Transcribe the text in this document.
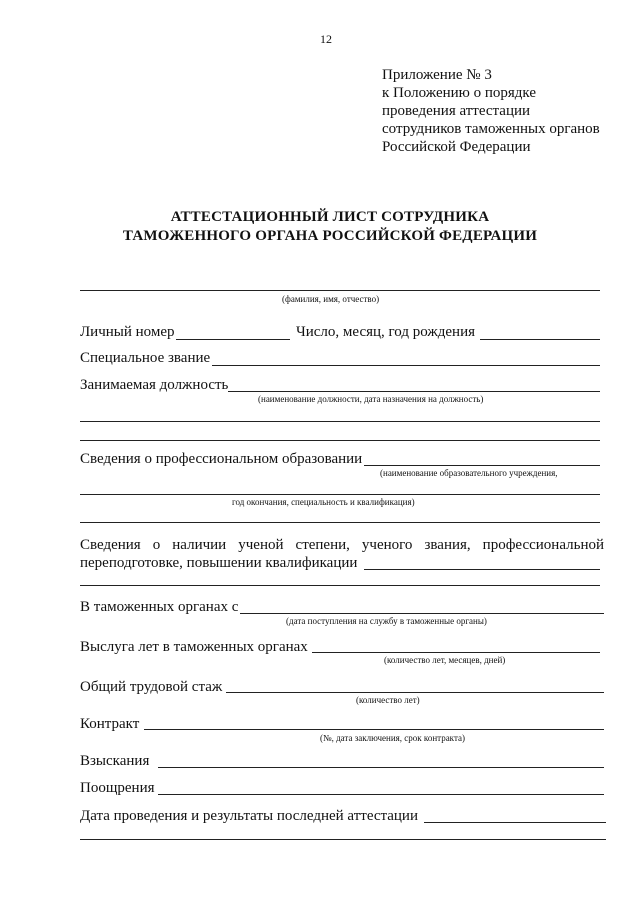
12
Приложение № 3
к Положению о порядке
проведения аттестации
сотрудников таможенных органов
Российской Федерации
АТТЕСТАЦИОННЫЙ ЛИСТ СОТРУДНИКА
ТАМОЖЕННОГО ОРГАНА РОССИЙСКОЙ ФЕДЕРАЦИИ
(фамилия, имя, отчество)
Личный номер	Число, месяц, год рождения
Специальное звание
Занимаемая должность
(наименование должности, дата назначения на должность)
Сведения о профессиональном образовании
(наименование образовательного учреждения,
год окончания, специальность и квалификация)
Сведения о наличии ученой степени, ученого звания, профессиональной
переподготовке, повышении квалификации
В таможенных органах с
(дата поступления на службу в таможенные органы)
Выслуга лет в таможенных органах
(количество лет, месяцев, дней)
Общий трудовой стаж
(количество лет)
Контракт
(№, дата заключения, срок контракта)
Взыскания
Поощрения
Дата проведения и результаты последней аттестации
